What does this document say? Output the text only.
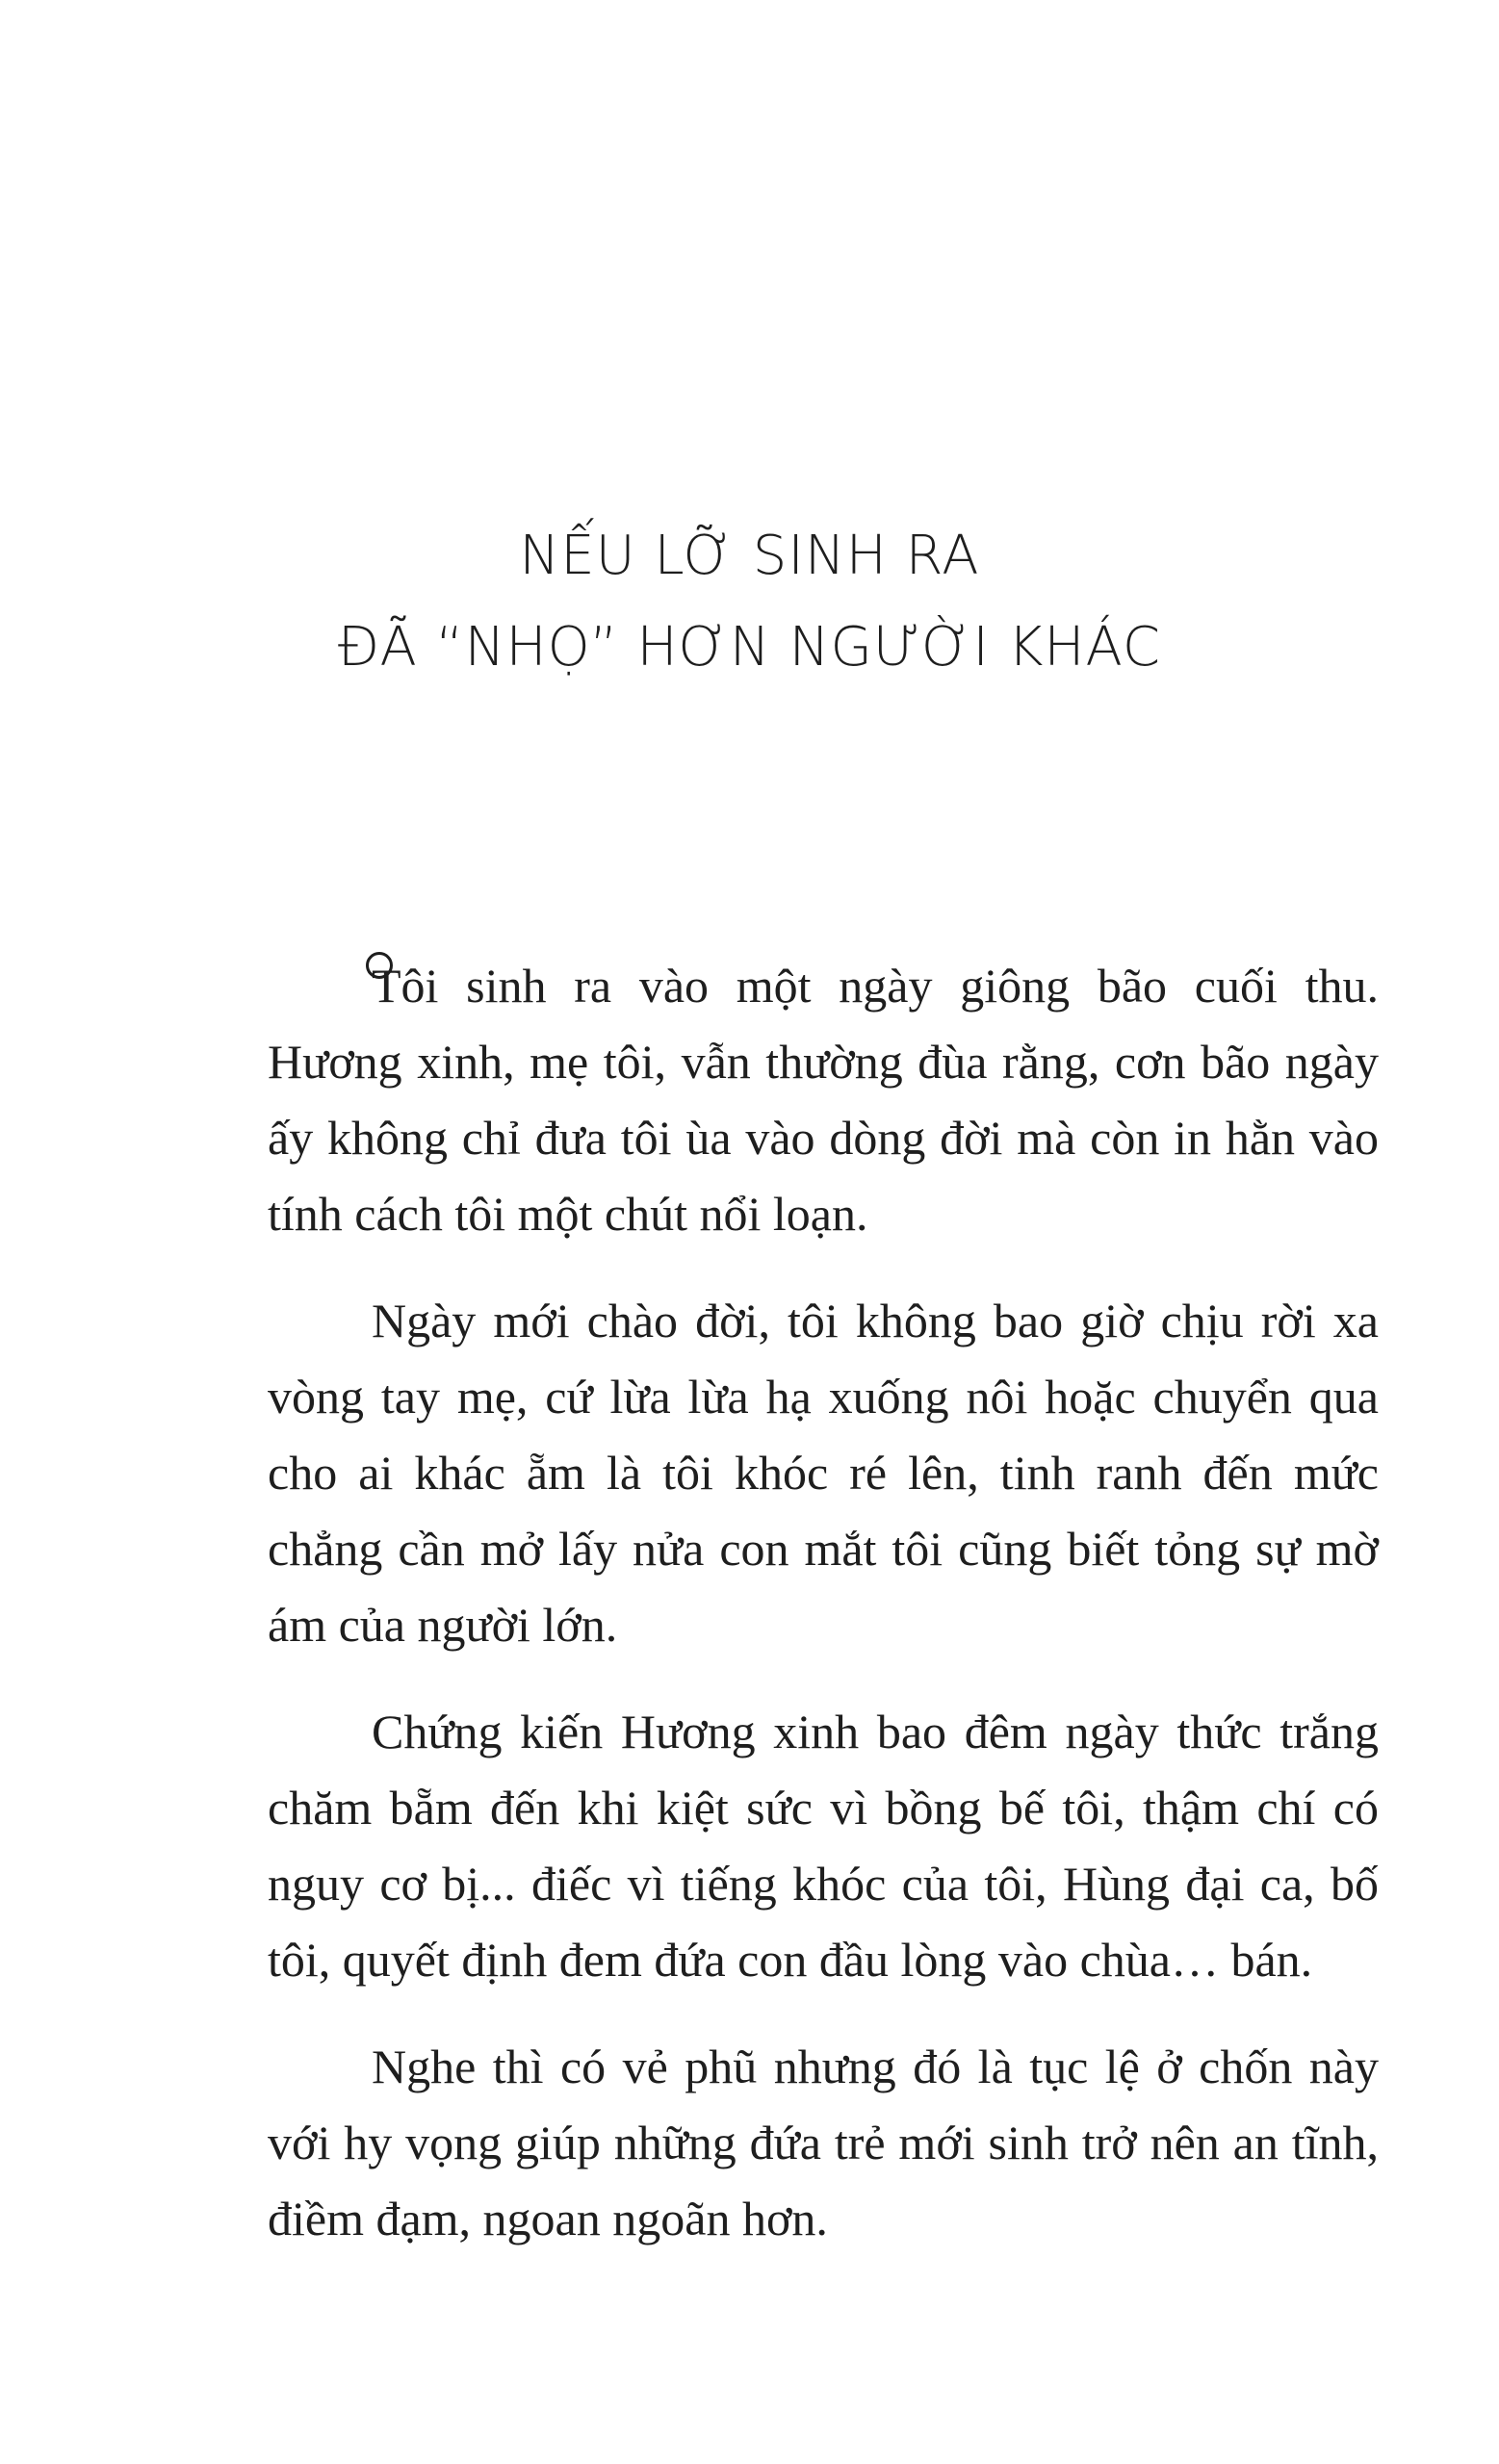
NẾU LỠ SINH RA
ĐÃ “NHỌ” HƠN NGƯỜI KHÁC

Tôi sinh ra vào một ngày giông bão cuối thu. Hương xinh, mẹ tôi, vẫn thường đùa rằng, cơn bão ngày ấy không chỉ đưa tôi ùa vào dòng đời mà còn in hằn vào tính cách tôi một chút nổi loạn.

Ngày mới chào đời, tôi không bao giờ chịu rời xa vòng tay mẹ, cứ lừa lừa hạ xuống nôi hoặc chuyển qua cho ai khác ẵm là tôi khóc ré lên, tinh ranh đến mức chẳng cần mở lấy nửa con mắt tôi cũng biết tỏng sự mờ ám của người lớn.

Chứng kiến Hương xinh bao đêm ngày thức trắng chăm bẵm đến khi kiệt sức vì bồng bế tôi, thậm chí có nguy cơ bị... điếc vì tiếng khóc của tôi, Hùng đại ca, bố tôi, quyết định đem đứa con đầu lòng vào chùa… bán.

Nghe thì có vẻ phũ nhưng đó là tục lệ ở chốn này với hy vọng giúp những đứa trẻ mới sinh trở nên an tĩnh, điềm đạm, ngoan ngoãn hơn.
